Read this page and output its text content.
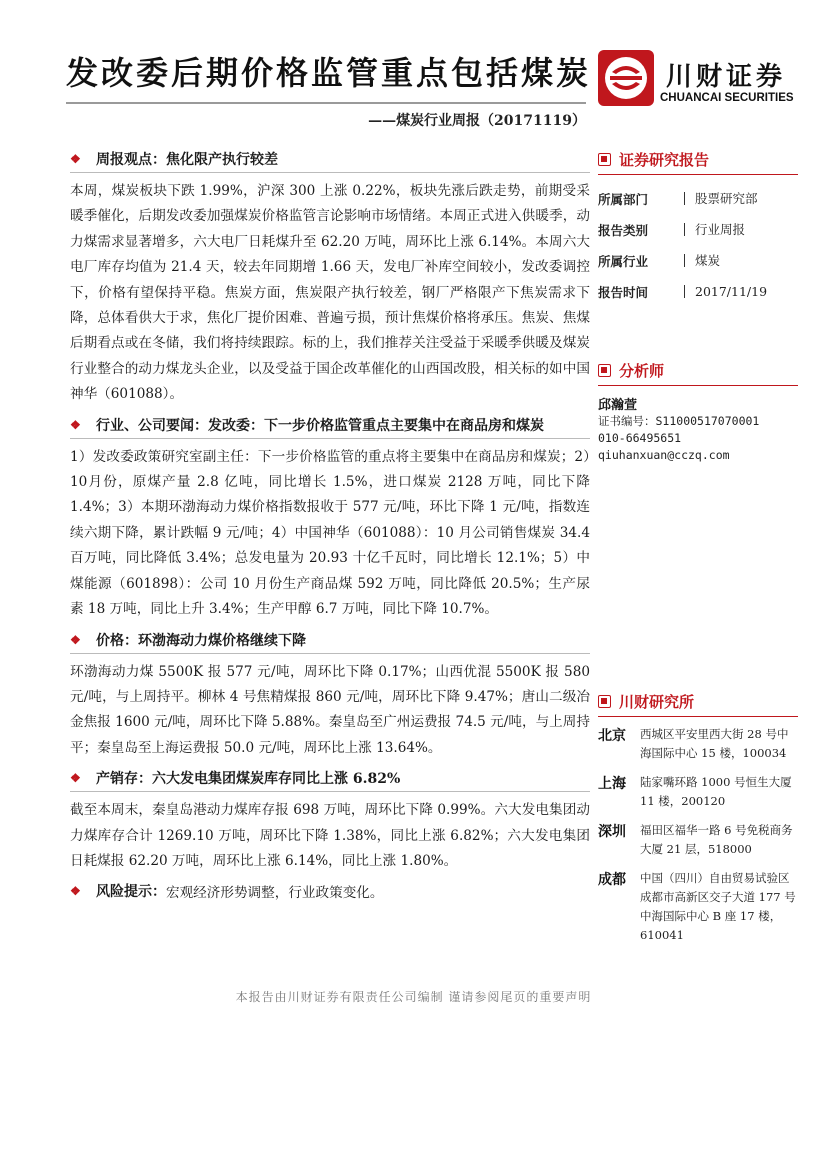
发改委后期价格监管重点包括煤炭
——煤炭行业周报（20171119）
川财证券
CHUANCAI SECURITIES
❖	周报观点：焦化限产执行较差
本周，煤炭板块下跌 1.99%，沪深 300 上涨 0.22%，板块先涨后跌走势，前期受采暖季催化，后期发改委加强煤炭价格监管言论影响市场情绪。本周正式进入供暖季，动力煤需求显著增多，六大电厂日耗煤升至 62.20 万吨，周环比上涨 6.14%。本周六大电厂库存均值为 21.4 天，较去年同期增 1.66 天，发电厂补库空间较小，发改委调控下，价格有望保持平稳。焦炭方面，焦炭限产执行较差，钢厂严格限产下焦炭需求下降，总体看供大于求，焦化厂提价困难、普遍亏损，预计焦煤价格将承压。焦炭、焦煤后期看点或在冬储，我们将持续跟踪。标的上，我们推荐关注受益于采暖季供暖及煤炭行业整合的动力煤龙头企业，以及受益于国企改革催化的山西国改股，相关标的如中国神华（601088）。
❖	行业、公司要闻：发改委：下一步价格监管重点主要集中在商品房和煤炭
1）发改委政策研究室副主任：下一步价格监管的重点将主要集中在商品房和煤炭；2）10月份，原煤产量 2.8 亿吨，同比增长 1.5%，进口煤炭 2128 万吨，同比下降 1.4%；3）本期环渤海动力煤价格指数报收于 577 元/吨，环比下降 1 元/吨，指数连续六期下降，累计跌幅 9 元/吨；4）中国神华（601088）：10 月公司销售煤炭 34.4 百万吨，同比降低 3.4%；总发电量为 20.93 十亿千瓦时，同比增长 12.1%；5）中煤能源（601898）：公司 10 月份生产商品煤 592 万吨，同比降低 20.5%；生产尿素 18 万吨，同比上升 3.4%；生产甲醇 6.7 万吨，同比下降 10.7%。
❖	价格：环渤海动力煤价格继续下降
环渤海动力煤 5500K 报 577 元/吨，周环比下降 0.17%；山西优混 5500K 报 580 元/吨，与上周持平。柳林 4 号焦精煤报 860 元/吨，周环比下降 9.47%；唐山二级冶金焦报 1600 元/吨，周环比下降 5.88%。秦皇岛至广州运费报 74.5 元/吨，与上周持平；秦皇岛至上海运费报 50.0 元/吨，周环比上涨 13.64%。
❖	产销存：六大发电集团煤炭库存同比上涨 6.82%
截至本周末，秦皇岛港动力煤库存报 698 万吨，周环比下降 0.99%。六大发电集团动力煤库存合计 1269.10 万吨，周环比下降 1.38%，同比上涨 6.82%；六大发电集团日耗煤报 62.20 万吨，周环比上涨 6.14%，同比上涨 1.80%。
❖	风险提示： 宏观经济形势调整，行业政策变化。
证券研究报告
所属部门	股票研究部
报告类别	行业周报
所属行业	煤炭
报告时间	2017/11/19
分析师
邱瀚萱
证书编号：S1100051707000​1
010-66495651
qiuhanxuan@cczq.com
川财研究所
北京	西城区平安里西大街 28 号中海国际中心 15 楼，100034
上海	陆家嘴环路 1000 号恒生大厦 11 楼，200120
深圳	福田区福华一路 6 号免税商务大厦 21 层，518000
成都	中国（四川）自由贸易试验区成都市高新区交子大道 177 号中海国际中心 B 座 17 楼，610041
本报告由川财证券有限责任公司编制 谨请参阅尾页的重要声明
